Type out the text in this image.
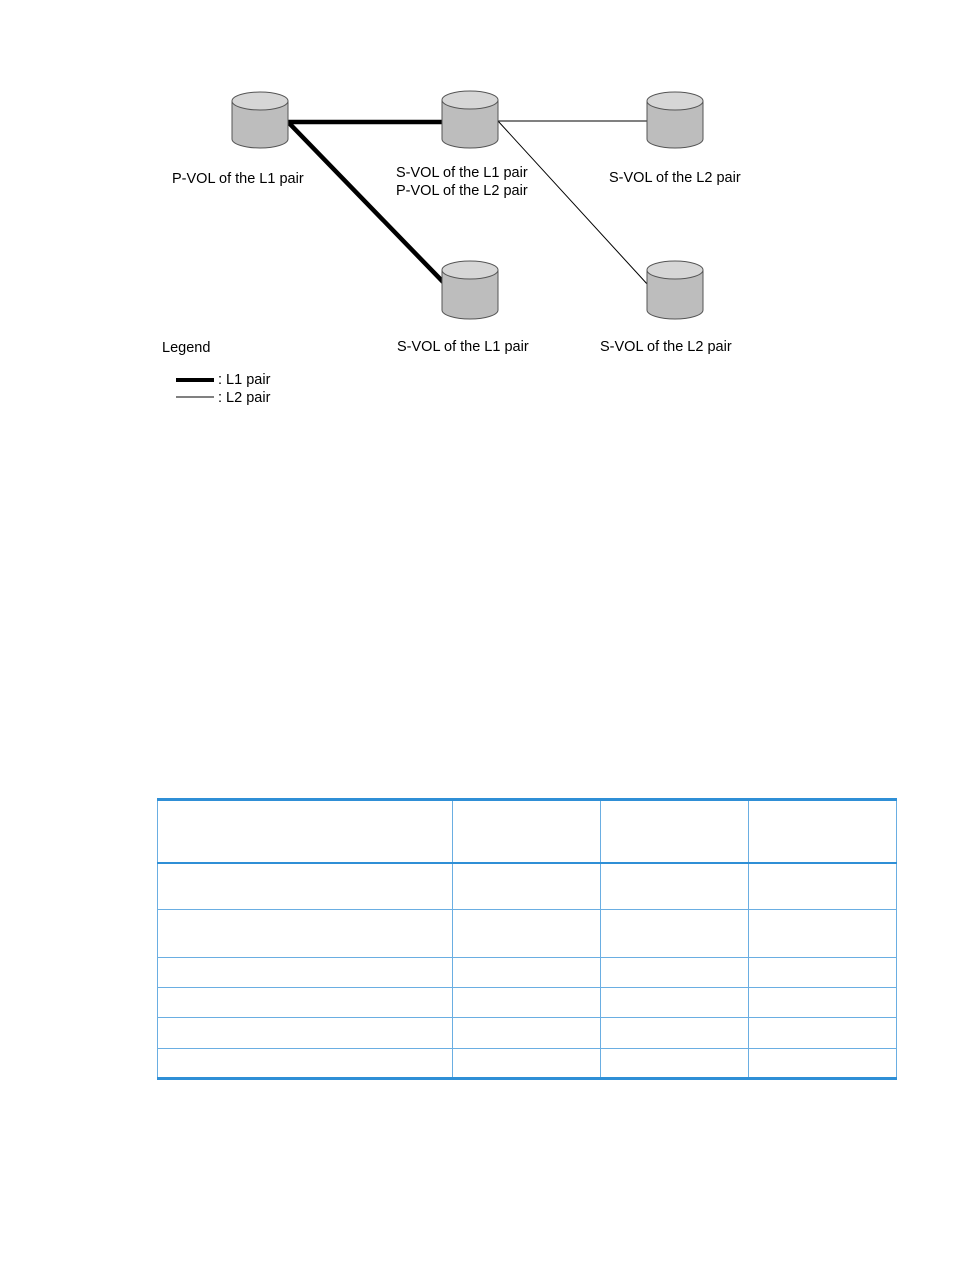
P-VOL of the L1 pair	S-VOL of the L1 pair
P-VOL of the L2 pair
S-VOL of the L2 pair
S-VOL of the L1 pair	S-VOL of the L2 pair
Legend
: L1 pair
: L2 pair
